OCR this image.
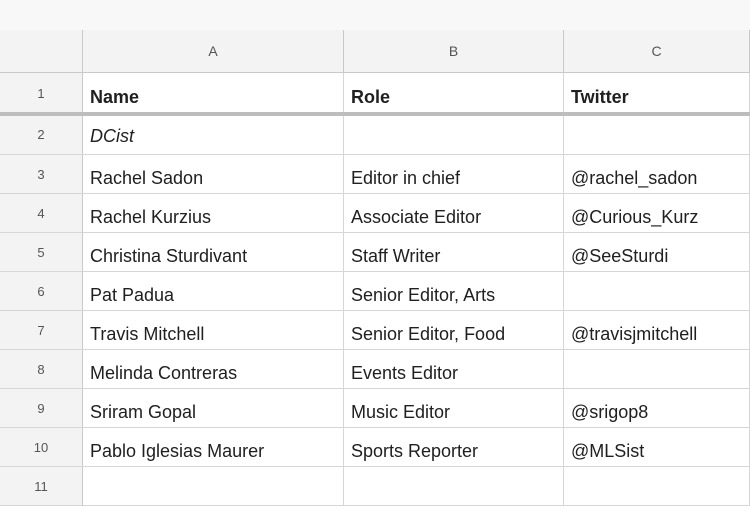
A	B	C
1
2
3
4
5
6
7
8
9
10
11
Name	Role	Twitter
DCist
Rachel Sadon	Editor in chief	@rachel_sadon
Rachel Kurzius	Associate Editor	@Curious_Kurz
Christina Sturdivant	Staff Writer	@SeeSturdi
Pat Padua	Senior Editor, Arts
Travis Mitchell	Senior Editor, Food	@travisjmitchell
Melinda Contreras	Events Editor
Sriram Gopal	Music Editor	@srigop8
Pablo Iglesias Maurer	Sports Reporter	@MLSist
